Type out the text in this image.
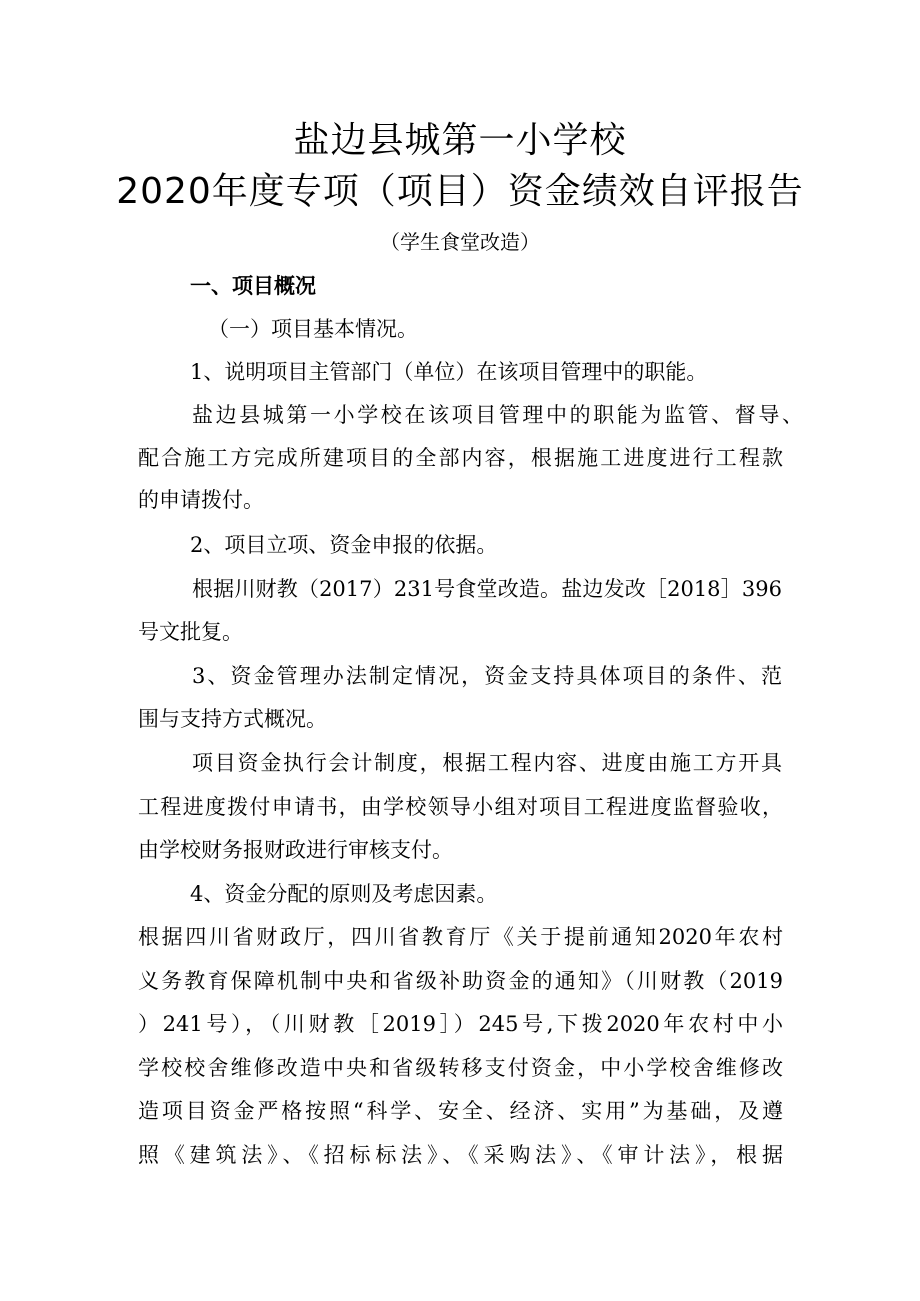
盐边县城第一小学校
2020年度专项（项目）资金绩效自评报告
（学生食堂改造）
一、项目概况
（一）项目基本情况。
1、说明项目主管部门（单位）在该项目管理中的职能。
盐边县城第一小学校在该项目管理中的职能为监管、督导、
配合施工方完成所建项目的全部内容，根据施工进度进行工程款
的申请拨付。
2、项目立项、资金申报的依据。
根据川财教（2017）231号食堂改造。盐边发改［2018］396
号文批复。
3、资金管理办法制定情况，资金支持具体项目的条件、范
围与支持方式概况。
项目资金执行会计制度，根据工程内容、进度由施工方开具
工程进度拨付申请书，由学校领导小组对项目工程进度监督验收，
由学校财务报财政进行审核支付。
4、资金分配的原则及考虑因素。
根据四川省财政厅，四川省教育厅《关于提前通知2020年农村
义务教育保障机制中央和省级补助资金的通知》（川财教（2019
）241号），（川财教［2019］）245号,下拨2020年农村中小
学校校舍维修改造中央和省级转移支付资金，中小学校舍维修改
造项目资金严格按照“科学、安全、经济、实用”为基础，及遵
照《建筑法》、《招标标法》、《采购法》、《审计法》，根据
